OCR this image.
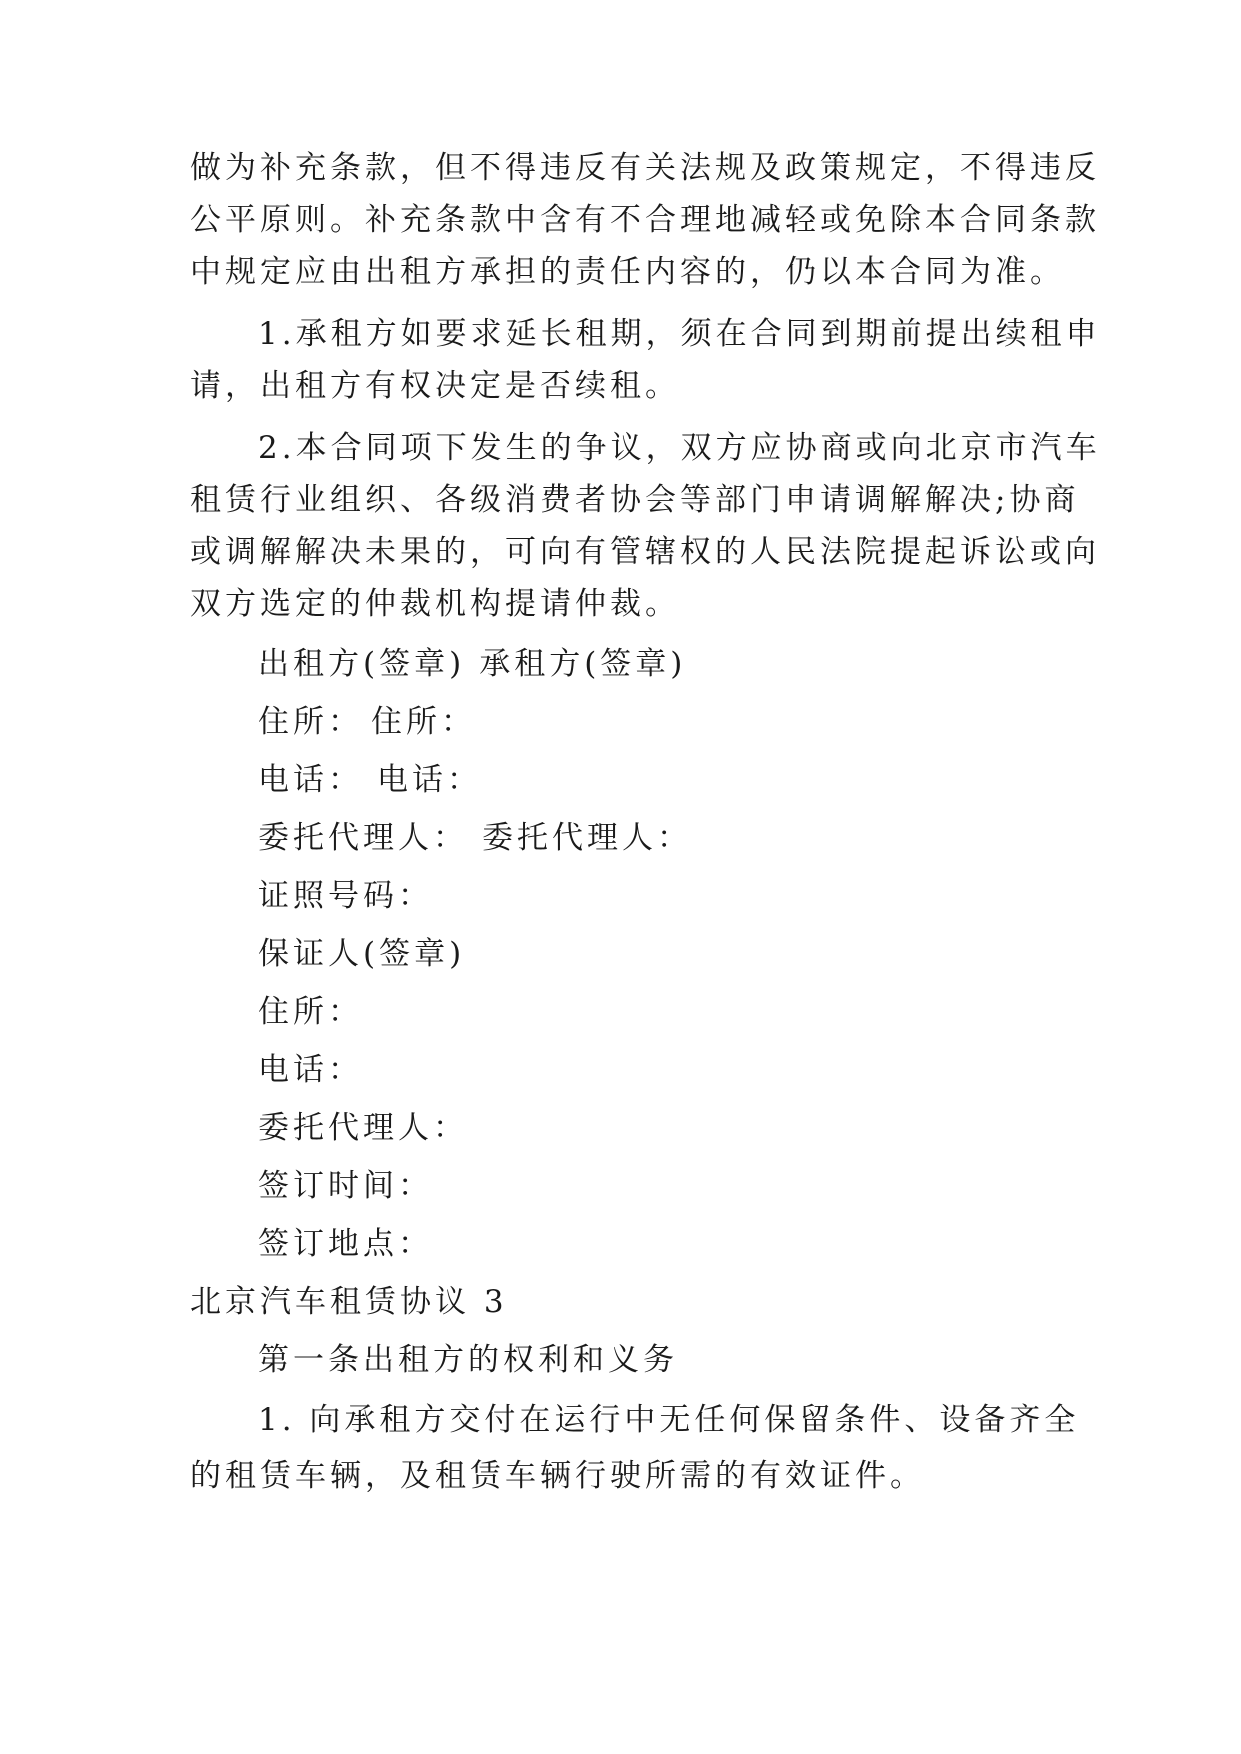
做为补充条款，但不得违反有关法规及政策规定，不得违反
公平原则。补充条款中含有不合理地减轻或免除本合同条款
中规定应由出租方承担的责任内容的，仍以本合同为准。
1.承租方如要求延长租期，须在合同到期前提出续租申
请，出租方有权决定是否续租。
2.本合同项下发生的争议，双方应协商或向北京市汽车
租赁行业组织、各级消费者协会等部门申请调解解决;协商
或调解解决未果的，可向有管辖权的人民法院提起诉讼或向
双方选定的仲裁机构提请仲裁。
出租方(签章) 承租方(签章)
住所： 住所：
电话： 电话：
委托代理人： 委托代理人：
证照号码：
保证人(签章)
住所：
电话：
委托代理人：
签订时间：
签订地点：
北京汽车租赁协议 3
第一条出租方的权利和义务
1. 向承租方交付在运行中无任何保留条件、设备齐全
的租赁车辆，及租赁车辆行驶所需的有效证件。
